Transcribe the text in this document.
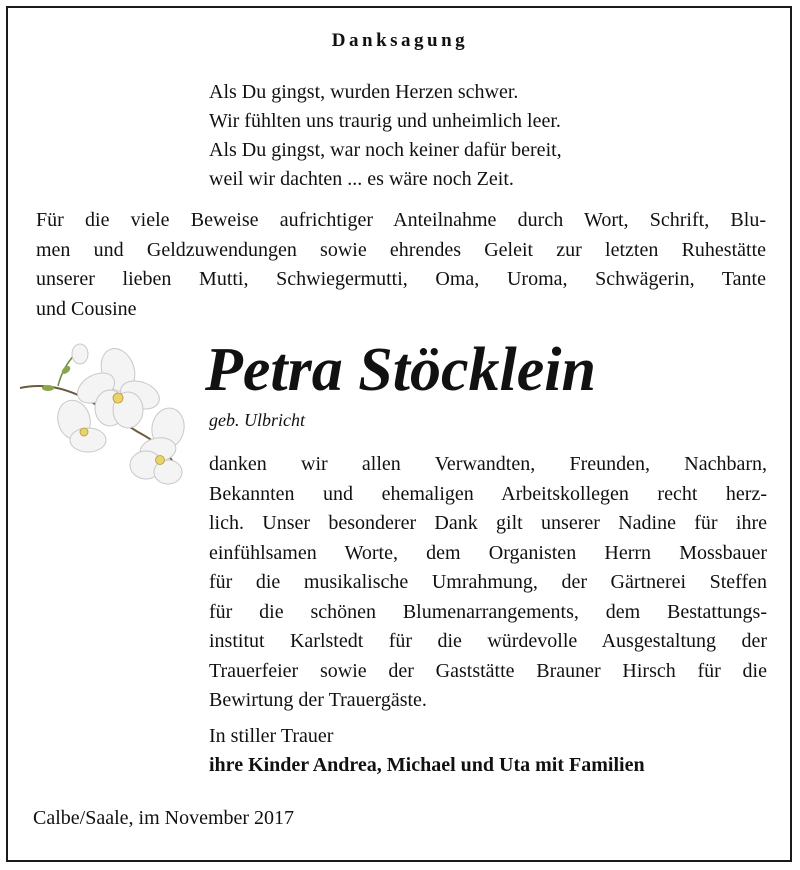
Danksagung
Als Du gingst, wurden Herzen schwer.
Wir fühlten uns traurig und unheimlich leer.
Als Du gingst, war noch keiner dafür bereit,
weil wir dachten ... es wäre noch Zeit.
Für die viele Beweise aufrichtiger Anteilnahme durch Wort, Schrift, Blu-
men und Geldzuwendungen sowie ehrendes Geleit zur letzten Ruhestätte
unserer lieben Mutti, Schwiegermutti, Oma, Uroma, Schwägerin, Tante
und Cousine
Petra Stöcklein
geb. Ulbricht
danken wir allen Verwandten, Freunden, Nachbarn,
Bekannten und ehemaligen Arbeitskollegen recht herz-
lich. Unser besonderer Dank gilt unserer Nadine für ihre
einfühlsamen Worte, dem Organisten Herrn Mossbauer
für die musikalische Umrahmung, der Gärtnerei Steffen
für die schönen Blumenarrangements, dem Bestattungs-
institut Karlstedt für die würdevolle Ausgestaltung der
Trauerfeier sowie der Gaststätte Brauner Hirsch für die
Bewirtung der Trauergäste.
In stiller Trauer
ihre Kinder Andrea, Michael und Uta mit Familien
Calbe/Saale, im November 2017
